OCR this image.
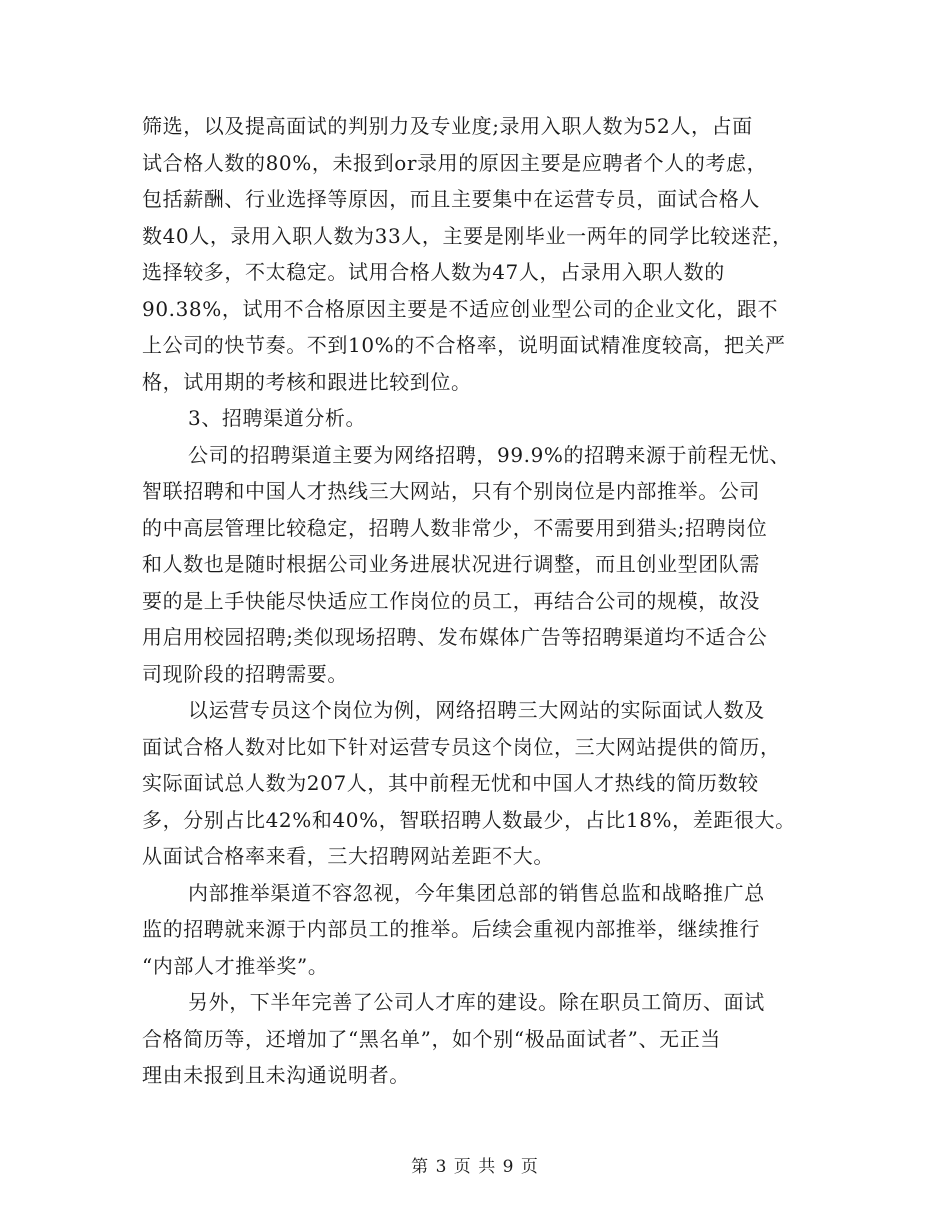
筛选，以及提高面试的判别力及专业度;录用入职人数为52人，占面
试合格人数的80%，未报到or录用的原因主要是应聘者个人的考虑，
包括薪酬、行业选择等原因，而且主要集中在运营专员，面试合格人
数40人，录用入职人数为33人，主要是刚毕业一两年的同学比较迷茫，
选择较多，不太稳定。试用合格人数为47人，占录用入职人数的
90.38%，试用不合格原因主要是不适应创业型公司的企业文化，跟不
上公司的快节奏。不到10%的不合格率，说明面试精准度较高，把关严
格，试用期的考核和跟进比较到位。
3、招聘渠道分析。
公司的招聘渠道主要为网络招聘，99.9%的招聘来源于前程无忧、
智联招聘和中国人才热线三大网站，只有个别岗位是内部推举。公司
的中高层管理比较稳定，招聘人数非常少，不需要用到猎头;招聘岗位
和人数也是随时根据公司业务进展状况进行调整，而且创业型团队需
要的是上手快能尽快适应工作岗位的员工，再结合公司的规模，故没
用启用校园招聘;类似现场招聘、发布媒体广告等招聘渠道均不适合公
司现阶段的招聘需要。
以运营专员这个岗位为例，网络招聘三大网站的实际面试人数及
面试合格人数对比如下针对运营专员这个岗位，三大网站提供的简历，
实际面试总人数为207人，其中前程无忧和中国人才热线的简历数较
多，分别占比42%和40%，智联招聘人数最少，占比18%，差距很大。
从面试合格率来看，三大招聘网站差距不大。
内部推举渠道不容忽视，今年集团总部的销售总监和战略推广总
监的招聘就来源于内部员工的推举。后续会重视内部推举，继续推行
“内部人才推举奖”。
另外，下半年完善了公司人才库的建设。除在职员工简历、面试
合格简历等，还增加了“黑名单”，如个别“极品面试者”、无正当
理由未报到且未沟通说明者。
第 3 页 共 9 页
